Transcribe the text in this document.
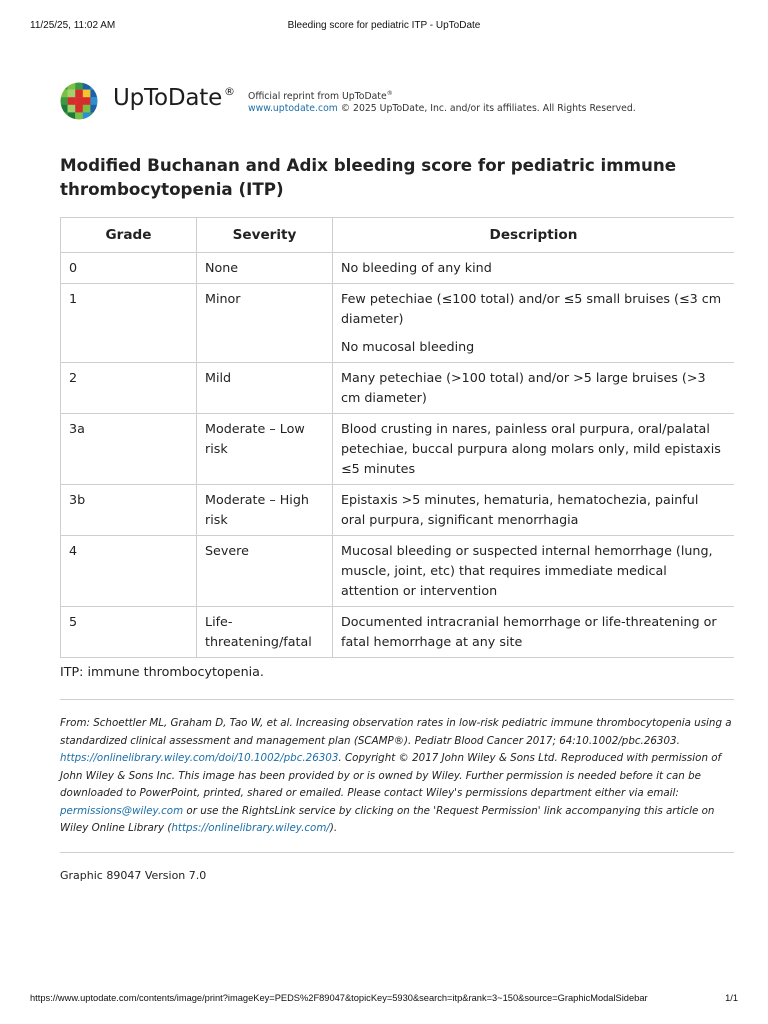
11/25/25, 11:02 AM	Bleeding score for pediatric ITP - UpToDate
UpToDate ® Official reprint from UpToDate®
www.uptodate.com © 2025 UpToDate, Inc. and/or its affiliates. All Rights Reserved.
Modified Buchanan and Adix bleeding score for pediatric immune thrombocytopenia (ITP)
Grade	Severity	Description
0	None	No bleeding of any kind

1	Minor	Few petechiae (≤100 total) and/or ≤5 small bruises (≤3 cm diameter)

No mucosal bleeding

2	Mild	Many petechiae (>100 total) and/or >5 large bruises (>3 cm diameter)

3a	Moderate – Low risk	Blood crusting in nares, painless oral purpura, oral/palatal petechiae, buccal purpura along molars only, mild epistaxis ≤5 minutes

3b	Moderate – High risk	Epistaxis >5 minutes, hematuria, hematochezia, painful oral purpura, significant menorrhagia

4	Severe	Mucosal bleeding or suspected internal hemorrhage (lung, muscle, joint, etc) that requires immediate medical attention or intervention

5	Life-threatening/fatal	Documented intracranial hemorrhage or life-threatening or fatal hemorrhage at any site

ITP: immune thrombocytopenia.
From: Schoettler ML, Graham D, Tao W, et al. Increasing observation rates in low-risk pediatric immune thrombocytopenia using a standardized clinical assessment and management plan (SCAMP®). Pediatr Blood Cancer 2017; 64:10.1002/pbc.26303. https://onlinelibrary.wiley.com/doi/10.1002/pbc.26303. Copyright © 2017 John Wiley & Sons Ltd. Reproduced with permission of John Wiley & Sons Inc. This image has been provided by or is owned by Wiley. Further permission is needed before it can be downloaded to PowerPoint, printed, shared or emailed. Please contact Wiley's permissions department either via email: permissions@wiley.com or use the RightsLink service by clicking on the 'Request Permission' link accompanying this article on Wiley Online Library (https://onlinelibrary.wiley.com/).
Graphic 89047 Version 7.0
https://www.uptodate.com/contents/image/print?imageKey=PEDS%2F89047&topicKey=5930&search=itp&rank=3~150&source=GraphicModalSidebar	1/1
